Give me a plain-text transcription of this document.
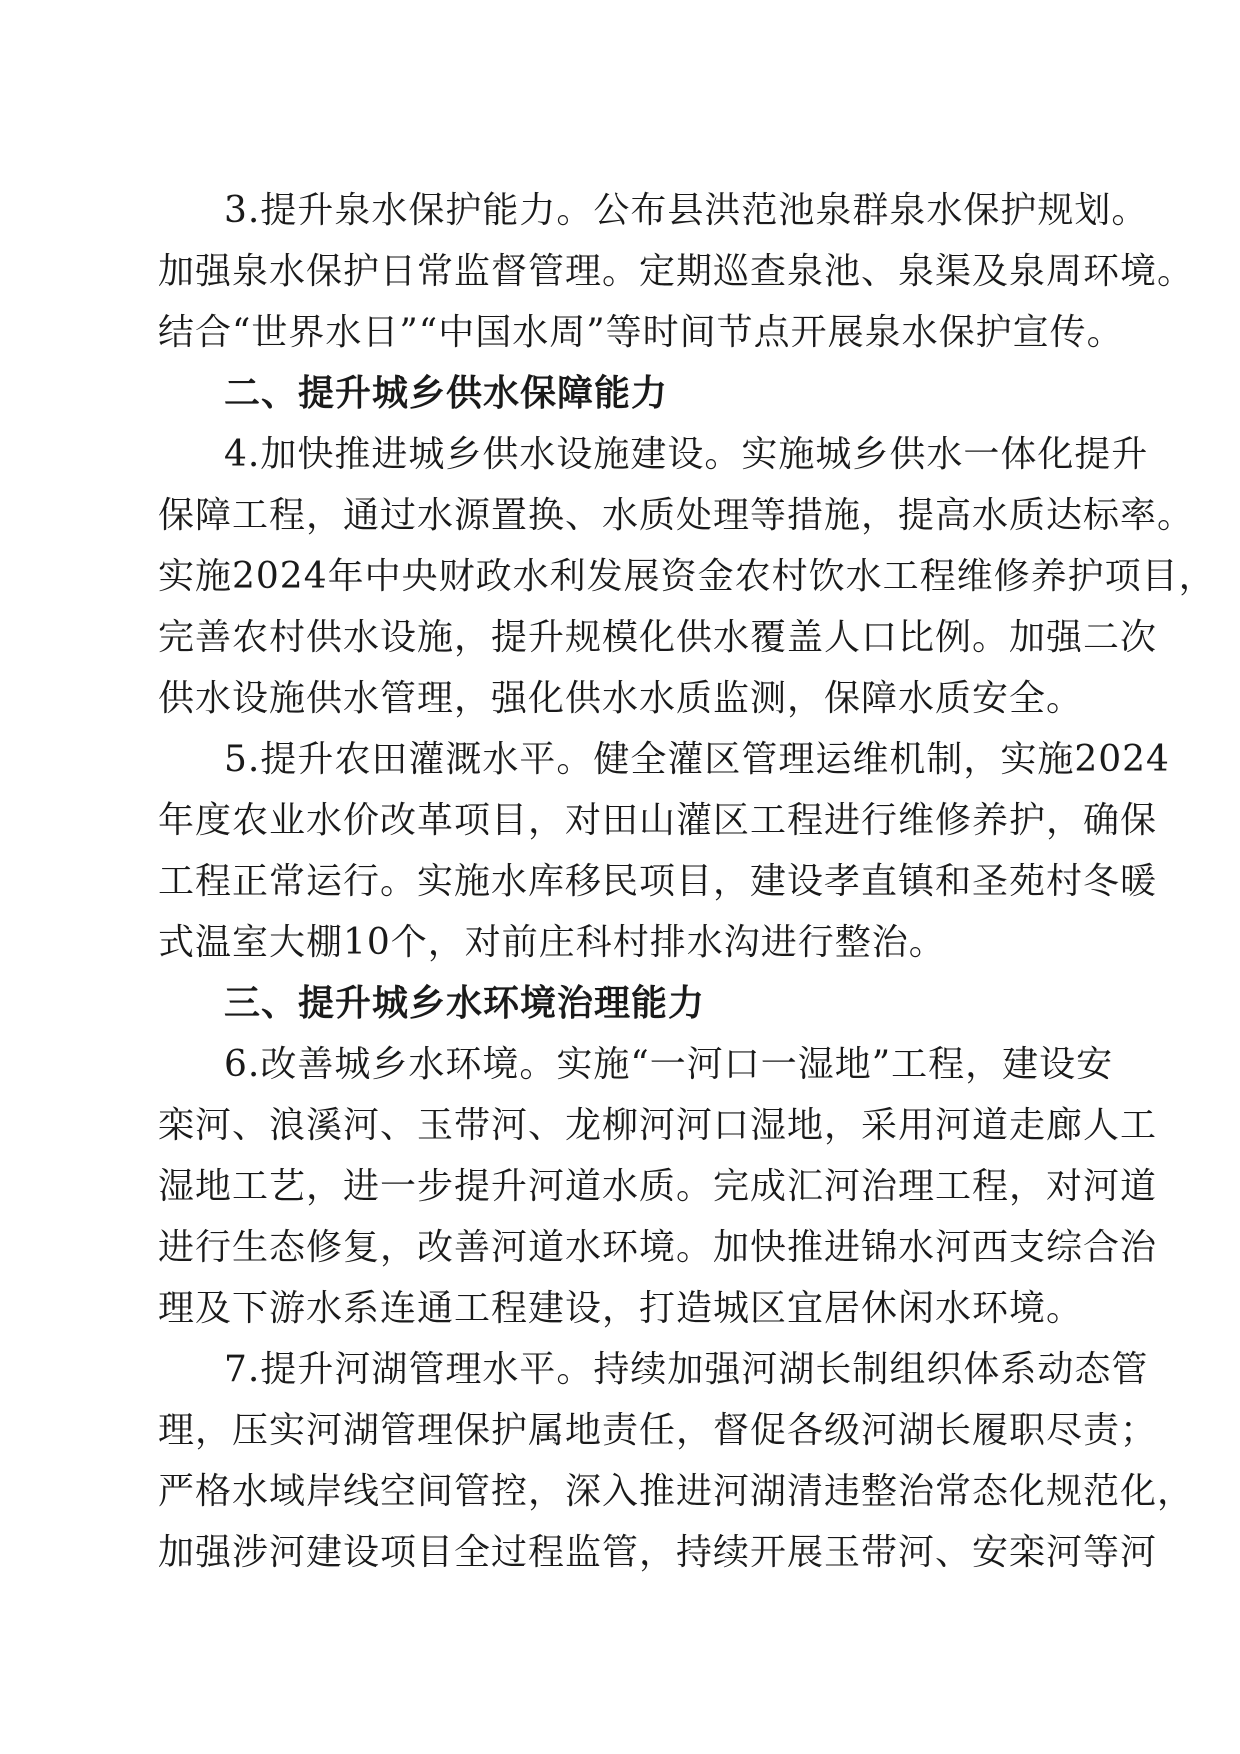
3.提升泉水保护能力。公布县洪范池泉群泉水保护规划。
加强泉水保护日常监督管理。定期巡查泉池、泉渠及泉周环境。
结合“世界水日”“中国水周”等时间节点开展泉水保护宣传。
二、提升城乡供水保障能力
4.加快推进城乡供水设施建设。实施城乡供水一体化提升
保障工程，通过水源置换、水质处理等措施，提高水质达标率。
实施2024年中央财政水利发展资金农村饮水工程维修养护项目，
完善农村供水设施，提升规模化供水覆盖人口比例。加强二次
供水设施供水管理，强化供水水质监测，保障水质安全。
5.提升农田灌溉水平。健全灌区管理运维机制，实施2024
年度农业水价改革项目，对田山灌区工程进行维修养护，确保
工程正常运行。实施水库移民项目，建设孝直镇和圣苑村冬暖
式温室大棚10个，对前庄科村排水沟进行整治。
三、提升城乡水环境治理能力
6.改善城乡水环境。实施“一河口一湿地”工程，建设安
栾河、浪溪河、玉带河、龙柳河河口湿地，采用河道走廊人工
湿地工艺，进一步提升河道水质。完成汇河治理工程，对河道
进行生态修复，改善河道水环境。加快推进锦水河西支综合治
理及下游水系连通工程建设，打造城区宜居休闲水环境。
7.提升河湖管理水平。持续加强河湖长制组织体系动态管
理，压实河湖管理保护属地责任，督促各级河湖长履职尽责；
严格水域岸线空间管控，深入推进河湖清违整治常态化规范化，
加强涉河建设项目全过程监管，持续开展玉带河、安栾河等河
